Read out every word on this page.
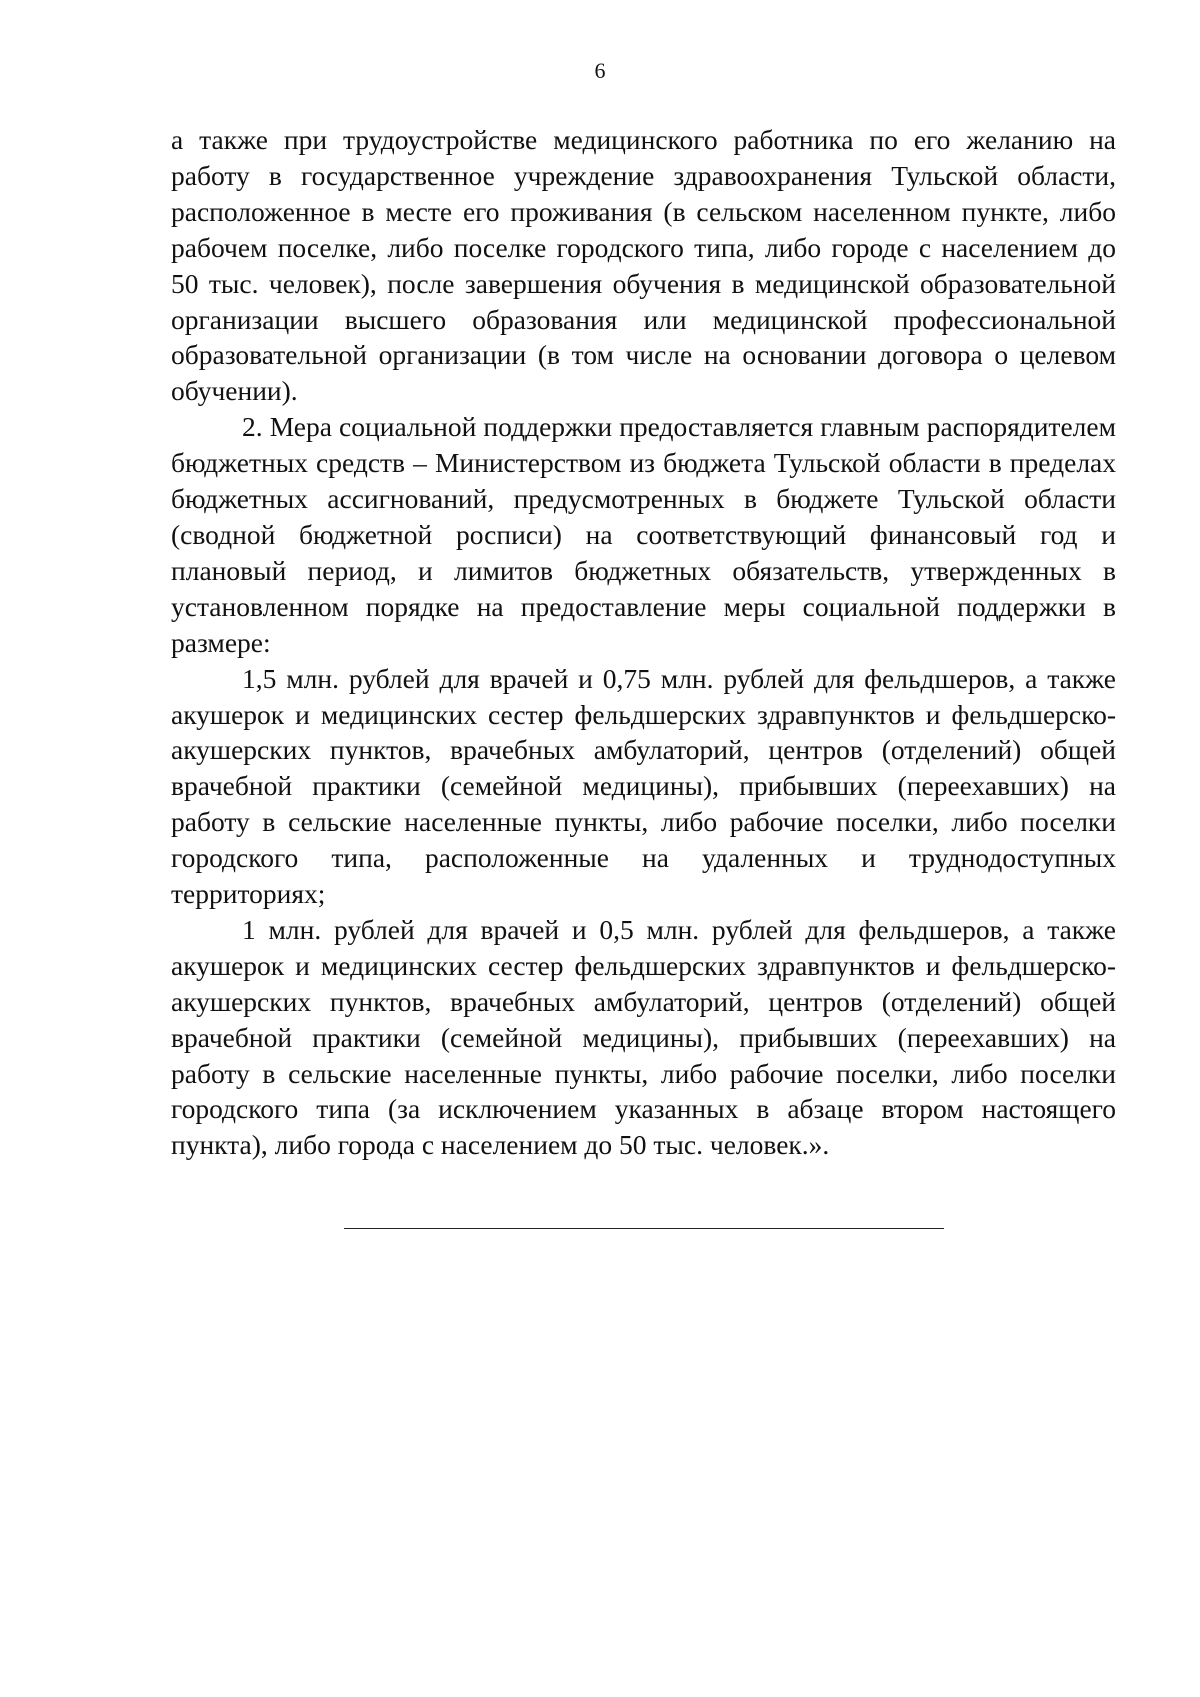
6

а также при трудоустройстве медицинского работника по его желанию на работу в государственное учреждение здравоохранения Тульской области, расположенное в месте его проживания (в сельском населенном пункте, либо рабочем поселке, либо поселке городского типа, либо городе с населением до 50 тыс. человек), после завершения обучения в медицинской образовательной организации высшего образования или медицинской профессиональной образовательной организации (в том числе на основании договора о целевом обучении).

2. Мера социальной поддержки предоставляется главным распорядителем бюджетных средств – Министерством из бюджета Тульской области в пределах бюджетных ассигнований, предусмотренных в бюджете Тульской области (сводной бюджетной росписи) на соответствующий финансовый год и плановый период, и лимитов бюджетных обязательств, утвержденных в установленном порядке на предоставление меры социальной поддержки в размере:

1,5 млн. рублей для врачей и 0,75 млн. рублей для фельдшеров, а также акушерок и медицинских сестер фельдшерских здравпунктов и фельдшерско-акушерских пунктов, врачебных амбулаторий, центров (отделений) общей врачебной практики (семейной медицины), прибывших (переехавших) на работу в сельские населенные пункты, либо рабочие поселки, либо поселки городского типа, расположенные на удаленных и труднодоступных территориях;

1 млн. рублей для врачей и 0,5 млн. рублей для фельдшеров, а также акушерок и медицинских сестер фельдшерских здравпунктов и фельдшерско-акушерских пунктов, врачебных амбулаторий, центров (отделений) общей врачебной практики (семейной медицины), прибывших (переехавших) на работу в сельские населенные пункты, либо рабочие поселки, либо поселки городского типа (за исключением указанных в абзаце втором настоящего пункта), либо города с населением до 50 тыс. человек.».
